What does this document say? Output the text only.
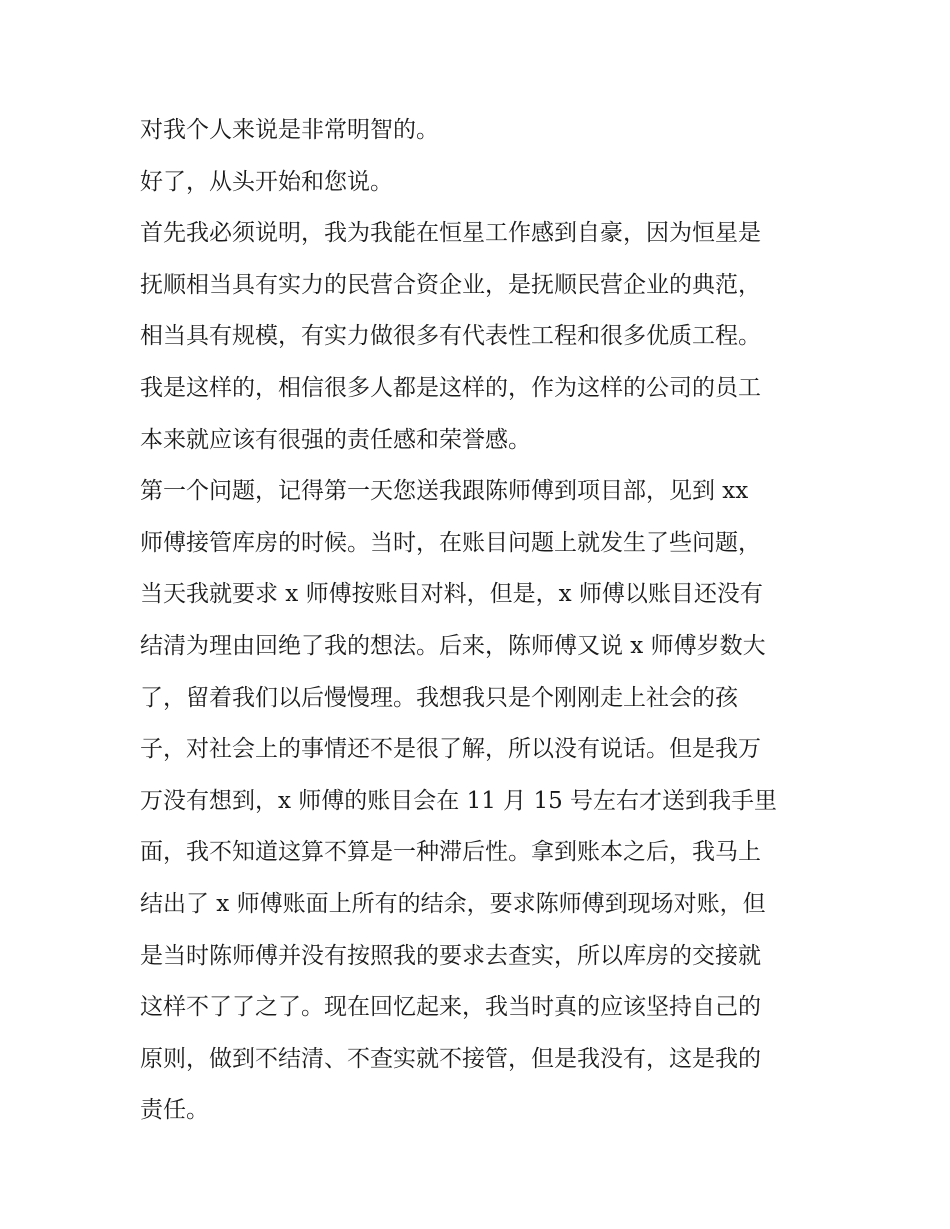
对我个人来说是非常明智的。
好了，从头开始和您说。
首先我必须说明，我为我能在恒星工作感到自豪，因为恒星是
抚顺相当具有实力的民营合资企业，是抚顺民营企业的典范，
相当具有规模，有实力做很多有代表性工程和很多优质工程。
我是这样的，相信很多人都是这样的，作为这样的公司的员工
本来就应该有很强的责任感和荣誉感。
第一个问题，记得第一天您送我跟陈师傅到项目部，见到 xx
师傅接管库房的时候。当时，在账目问题上就发生了些问题，
当天我就要求 x 师傅按账目对料，但是，x 师傅以账目还没有
结清为理由回绝了我的想法。后来，陈师傅又说 x 师傅岁数大
了，留着我们以后慢慢理。我想我只是个刚刚走上社会的孩
子，对社会上的事情还不是很了解，所以没有说话。但是我万
万没有想到，x 师傅的账目会在 11 月 15 号左右才送到我手里
面，我不知道这算不算是一种滞后性。拿到账本之后，我马上
结出了 x 师傅账面上所有的结余，要求陈师傅到现场对账，但
是当时陈师傅并没有按照我的要求去查实，所以库房的交接就
这样不了了之了。现在回忆起来，我当时真的应该坚持自己的
原则，做到不结清、不查实就不接管，但是我没有，这是我的
责任。
